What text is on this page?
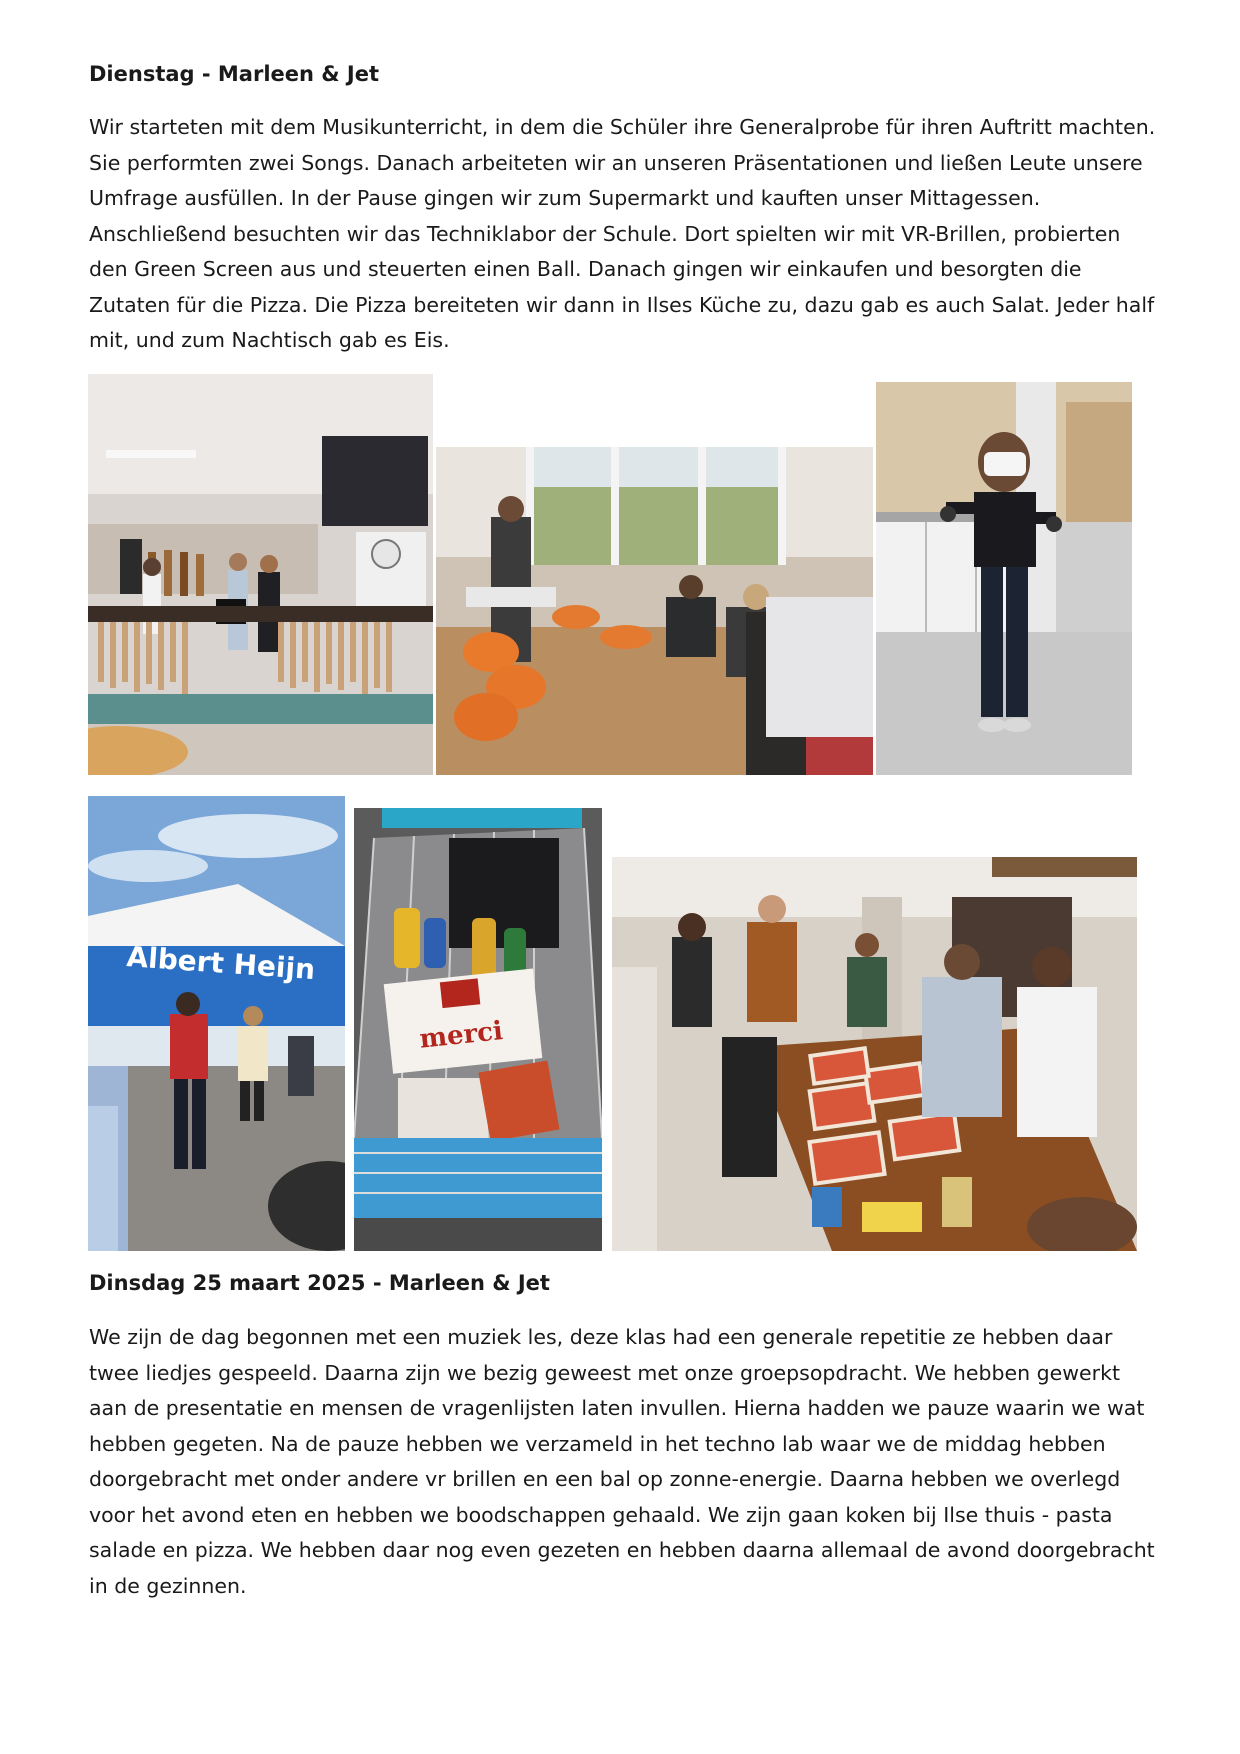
Dienstag - Marleen & Jet

Wir starteten mit dem Musikunterricht, in dem die Schüler ihre Generalprobe für ihren Auftritt machten. Sie performten zwei Songs. Danach arbeiteten wir an unseren Präsentationen und ließen Leute unsere Umfrage ausfüllen. In der Pause gingen wir zum Supermarkt und kauften unser Mittagessen. Anschließend besuchten wir das Techniklabor der Schule. Dort spielten wir mit VR-Brillen, probierten den Green Screen aus und steuerten einen Ball. Danach gingen wir einkaufen und besorgten die Zutaten für die Pizza. Die Pizza bereiteten wir dann in Ilses Küche zu, dazu gab es auch Salat. Jeder half mit, und zum Nachtisch gab es Eis.

Albert Heijn
merci
Dinsdag 25 maart 2025 - Marleen & Jet

We zijn de dag begonnen met een muziek les, deze klas had een generale repetitie ze hebben daar twee liedjes gespeeld. Daarna zijn we bezig geweest met onze groepsopdracht. We hebben gewerkt aan de presentatie en mensen de vragenlijsten laten invullen. Hierna hadden we pauze waarin we wat hebben gegeten. Na de pauze hebben we verzameld in het techno lab waar we de middag hebben doorgebracht met onder andere vr brillen en een bal op zonne-energie. Daarna hebben we overlegd voor het avond eten en hebben we boodschappen gehaald. We zijn gaan koken bij Ilse thuis - pasta salade en pizza. We hebben daar nog even gezeten en hebben daarna allemaal de avond doorgebracht in de gezinnen.
